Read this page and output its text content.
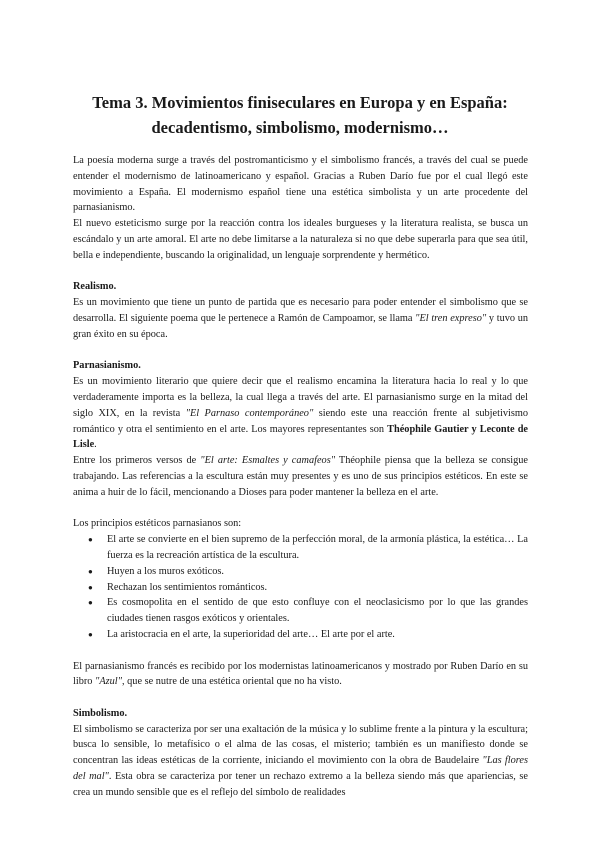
Tema 3. Movimientos finiseculares en Europa y en España:
decadentismo, simbolismo, modernismo…

La poesía moderna surge a través del postromanticismo y el simbolismo francés, a través del cual se puede entender el modernismo de latinoamericano y español. Gracias a Ruben Darío fue por el cual llegó este movimiento a España. El modernismo español tiene una estética simbolista y un arte procedente del parnasianismo.

El nuevo esteticismo surge por la reacción contra los ideales burgueses y la literatura realista, se busca un escándalo y un arte amoral. El arte no debe limitarse a la naturaleza si no que debe superarla para que sea útil, bella e independiente, buscando la originalidad, un lenguaje sorprendente y hermético.

Realismo.

Es un movimiento que tiene un punto de partida que es necesario para poder entender el simbolismo que se desarrolla. El siguiente poema que le pertenece a Ramón de Campoamor, se llama "El tren expreso" y tuvo un gran éxito en su época.

Parnasianismo.

Es un movimiento literario que quiere decir que el realismo encamina la literatura hacia lo real y lo que verdaderamente importa es la belleza, la cual llega a través del arte. El parnasianismo surge en la mitad del siglo XIX, en la revista "El Parnaso contemporáneo" siendo este una reacción frente al subjetivismo romántico y otra el sentimiento en el arte. Los mayores representantes son Théophile Gautier y Leconte de Lisle.

Entre los primeros versos de "El arte: Esmaltes y camafeos" Théophile piensa que la belleza se consigue trabajando. Las referencias a la escultura están muy presentes y es uno de sus principios estéticos. En este se anima a huir de lo fácil, mencionando a Dioses para poder mantener la belleza en el arte.

Los principios estéticos parnasianos son:

● El arte se convierte en el bien supremo de la perfección moral, de la armonía plástica, la estética… La fuerza es la recreación artística de la escultura.
● Huyen a los muros exóticos.
● Rechazan los sentimientos románticos.
● Es cosmopolita en el sentido de que esto confluye con el neoclasicismo por lo que las grandes ciudades tienen rasgos exóticos y orientales.
● La aristocracia en el arte, la superioridad del arte… El arte por el arte.

El parnasianismo francés es recibido por los modernistas latinoamericanos y mostrado por Ruben Darío en su libro "Azul", que se nutre de una estética oriental que no ha visto.

Simbolismo.

El simbolismo se caracteriza por ser una exaltación de la música y lo sublime frente a la pintura y la escultura; busca lo sensible, lo metafísico o el alma de las cosas, el misterio; también es un manifiesto donde se concentran las ideas estéticas de la corriente, iniciando el movimiento con la obra de Baudelaire "Las flores del mal". Esta obra se caracteriza por tener un rechazo extremo a la belleza siendo más que apariencias, se crea un mundo sensible que es el reflejo del símbolo de realidades
